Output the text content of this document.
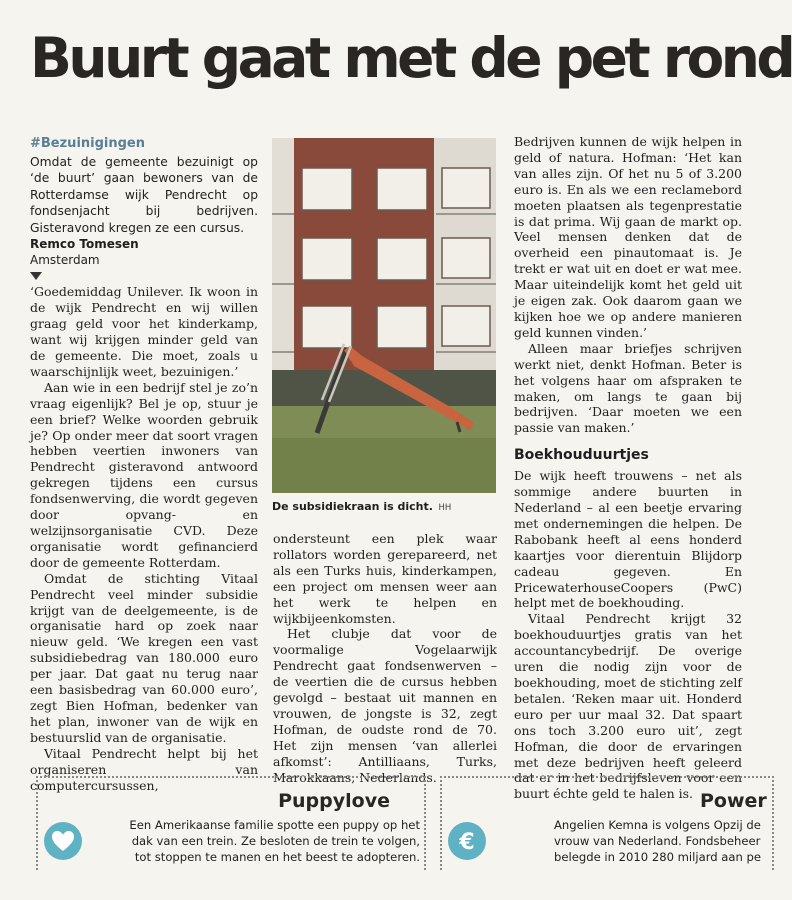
Buurt gaat met de pet rond
#Bezuinigingen

Omdat de gemeente bezuinigt op ‘de buurt’ gaan bewoners van de Rotterdamse wijk Pendrecht op fondsenjacht bij bedrijven. Gisteravond kregen ze een cursus.

Remco Tomesen
Amsterdam

‘Goedemiddag Unilever. Ik woon in de wijk Pendrecht en wij willen graag geld voor het kinderkamp, want wij krijgen minder geld van de gemeente. Die moet, zoals u waarschijnlijk weet, bezuinigen.’

Aan wie in een bedrijf stel je zo’n vraag eigenlijk? Bel je op, stuur je een brief? Welke woorden gebruik je? Op onder meer dat soort vragen hebben veertien inwoners van Pendrecht gisteravond antwoord gekregen tijdens een cursus fondsenwerving, die wordt gegeven door opvang- en welzijnsorganisatie CVD. Deze organisatie wordt gefinancierd door de gemeente Rotterdam.

Omdat de stichting Vitaal Pendrecht veel minder subsidie krijgt van de deelgemeente, is de organisatie hard op zoek naar nieuw geld. ‘We kregen een vast subsidiebedrag van 180.000 euro per jaar. Dat gaat nu terug naar een basisbedrag van 60.000 euro’, zegt Bien Hofman, bedenker van het plan, inwoner van de wijk en bestuurslid van de organisatie.

Vitaal Pendrecht helpt bij het organiseren van computercursussen,

De subsidiekraan is dicht. HH

ondersteunt een plek waar rollators worden gerepareerd, net als een Turks huis, kinderkampen, een project om mensen weer aan het werk te helpen en wijkbijeenkomsten.

Het clubje dat voor de voormalige Vogelaarwijk Pendrecht gaat fondsenwerven – de veertien die de cursus hebben gevolgd – bestaat uit mannen en vrouwen, de jongste is 32, zegt Hofman, de oudste rond de 70. Het zijn mensen ‘van allerlei afkomst’: Antilliaans, Turks, Marokkaans, Nederlands.

Bedrijven kunnen de wijk helpen in geld of natura. Hofman: ‘Het kan van alles zijn. Of het nu 5 of 3.200 euro is. En als we een reclamebord moeten plaatsen als tegenprestatie is dat prima. Wij gaan de markt op. Veel mensen denken dat de overheid een pinautomaat is. Je trekt er wat uit en doet er wat mee. Maar uiteindelijk komt het geld uit je eigen zak. Ook daarom gaan we kijken hoe we op andere manieren geld kunnen vinden.’

Alleen maar briefjes schrijven werkt niet, denkt Hofman. Beter is het volgens haar om afspraken te maken, om langs te gaan bij bedrijven. ‘Daar moeten we een passie van maken.’

Boekhouduurtjes

De wijk heeft trouwens – net als sommige andere buurten in Nederland – al een beetje ervaring met ondernemingen die helpen. De Rabobank heeft al eens honderd kaartjes voor dierentuin Blijdorp cadeau gegeven. En PricewaterhouseCoopers (PwC) helpt met de boekhouding.

Vitaal Pendrecht krijgt 32 boekhouduurtjes gratis van het accountancybedrijf. De overige uren die nodig zijn voor de boekhouding, moet de stichting zelf betalen. ‘Reken maar uit. Honderd euro per uur maal 32. Dat spaart ons toch 3.200 euro uit’, zegt Hofman, die door de ervaringen met deze bedrijven heeft geleerd dat er in het bedrijfsleven voor een buurt échte geld te halen is.

Puppylove
Een Amerikaanse familie spotte een puppy op het
dak van een trein. Ze besloten de trein te volgen,
tot stoppen te manen en het beest te adopteren.
Power
€
Angelien Kemna is volgens Opzij de
vrouw van Nederland. Fondsbeheer
belegde in 2010 280 miljard aan pe
